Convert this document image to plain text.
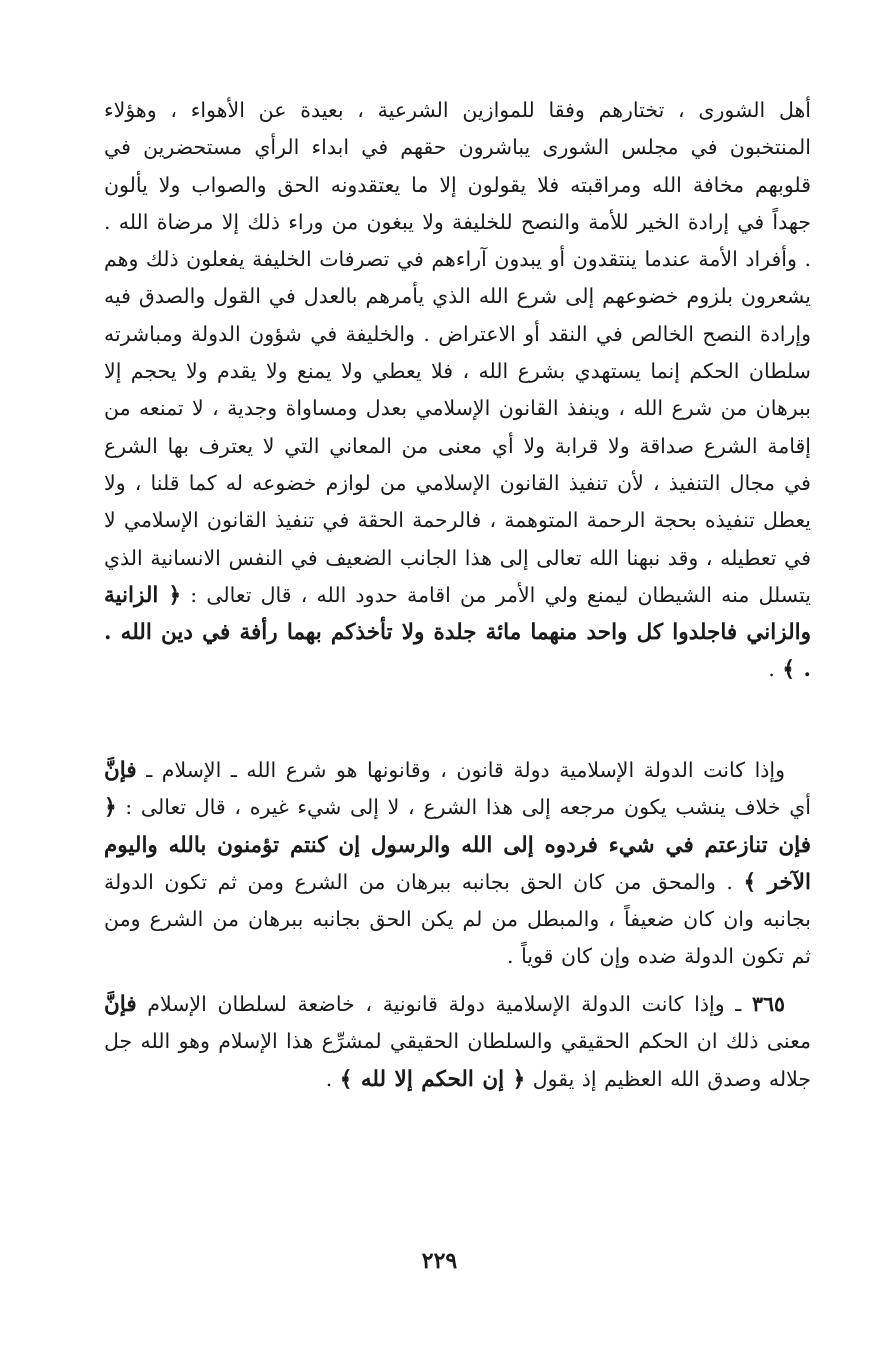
أهل الشورى ، تختارهم وفقا للموازين الشرعية ، بعيدة عن الأهواء ، وهؤلاء المنتخبون في مجلس الشورى يباشرون حقهم في ابداء الرأي مستحضرين في قلوبهم مخافة الله ومراقبته فلا يقولون إلا ما يعتقدونه الحق والصواب ولا يألون جهداً في إرادة الخير للأمة والنصح للخليفة ولا يبغون من وراء ذلك إلا مرضاة الله . . وأفراد الأمة عندما ينتقدون أو يبدون آراءهم في تصرفات الخليفة يفعلون ذلك وهم يشعرون بلزوم خضوعهم إلى شرع الله الذي يأمرهم بالعدل في القول والصدق فيه وإرادة النصح الخالص في النقد أو الاعتراض . والخليفة في شؤون الدولة ومباشرته سلطان الحكم إنما يستهدي بشرع الله ، فلا يعطي ولا يمنع ولا يقدم ولا يحجم إلا ببرهان من شرع الله ، وينفذ القانون الإسلامي بعدل ومساواة وجدية ، لا تمنعه من إقامة الشرع صداقة ولا قرابة ولا أي معنى من المعاني التي لا يعترف بها الشرع في مجال التنفيذ ، لأن تنفيذ القانون الإسلامي من لوازم خضوعه له كما قلنا ، ولا يعطل تنفيذه بحجة الرحمة المتوهمة ، فالرحمة الحقة في تنفيذ القانون الإسلامي لا في تعطيله ، وقد نبهنا الله تعالى إلى هذا الجانب الضعيف في النفس الانسانية الذي يتسلل منه الشيطان ليمنع ولي الأمر من اقامة حدود الله ، قال تعالى : ﴿ الزانية والزاني فاجلدوا كل واحد منهما مائة جلدة ولا تأخذكم بهما رأفة في دين الله . . ﴾ .

وإذا كانت الدولة الإسلامية دولة قانون ، وقانونها هو شرع الله ـ الإسلام ـ فإنَّ أي خلاف ينشب يكون مرجعه إلى هذا الشرع ، لا إلى شيء غيره ، قال تعالى : ﴿ فإن تنازعتم في شيء فردوه إلى الله والرسول إن كنتم تؤمنون بالله واليوم الآخر ﴾ . والمحق من كان الحق بجانبه ببرهان من الشرع ومن ثم تكون الدولة بجانبه وان كان ضعيفاً ، والمبطل من لم يكن الحق بجانبه ببرهان من الشرع ومن ثم تكون الدولة ضده وإن كان قوياً .

٣٦٥ ـ وإذا كانت الدولة الإسلامية دولة قانونية ، خاضعة لسلطان الإسلام فإنَّ معنى ذلك ان الحكم الحقيقي والسلطان الحقيقي لمشرِّع هذا الإسلام وهو الله جل جلاله وصدق الله العظيم إذ يقول ﴿ إن الحكم إلا لله ﴾ .

٢٢٩
